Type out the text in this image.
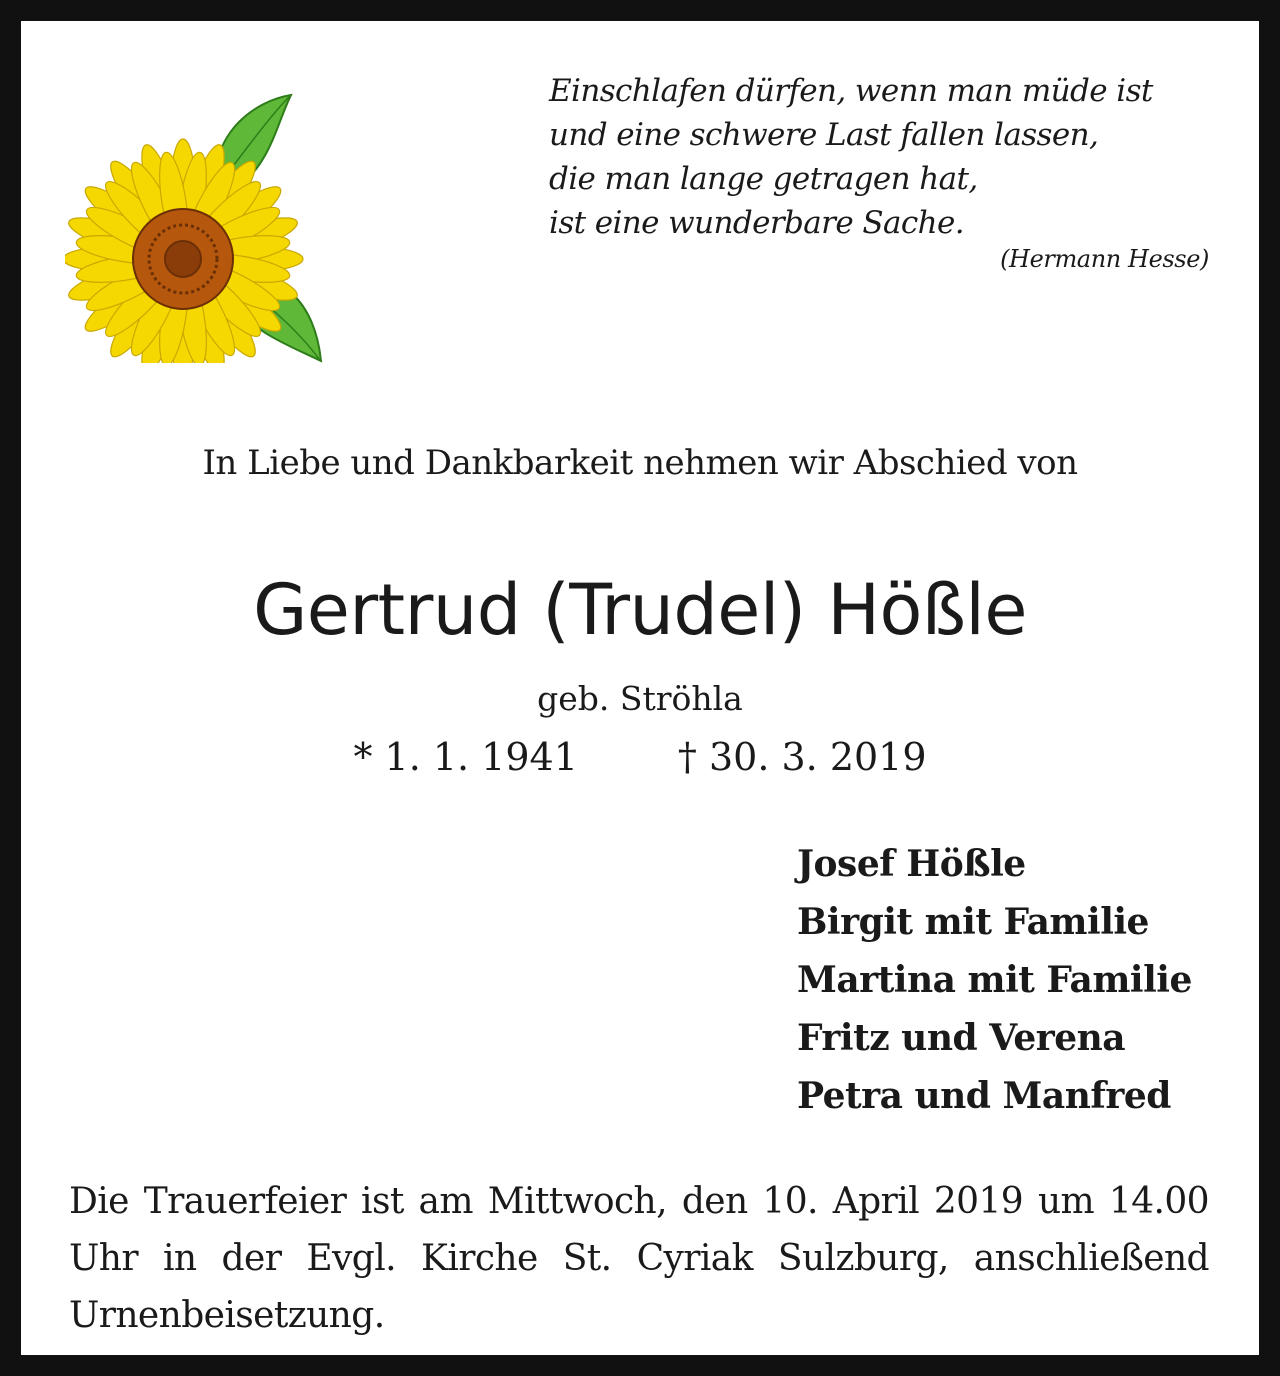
Einschlafen dürfen, wenn man müde ist
und eine schwere Last fallen lassen,
die man lange getragen hat,
ist eine wunderbare Sache.
(Hermann Hesse)
In Liebe und Dankbarkeit nehmen wir Abschied von
Gertrud (Trudel) Hößle
geb. Ströhla
* 1. 1. 1941	† 30. 3. 2019
Josef Hößle
Birgit mit Familie
Martina mit Familie
Fritz und Verena
Petra und Manfred
Die Trauerfeier ist am Mittwoch, den 10. April 2019 um 14.00 Uhr in der Evgl. Kirche St. Cyriak Sulzburg, anschließend Urnenbeisetzung.
